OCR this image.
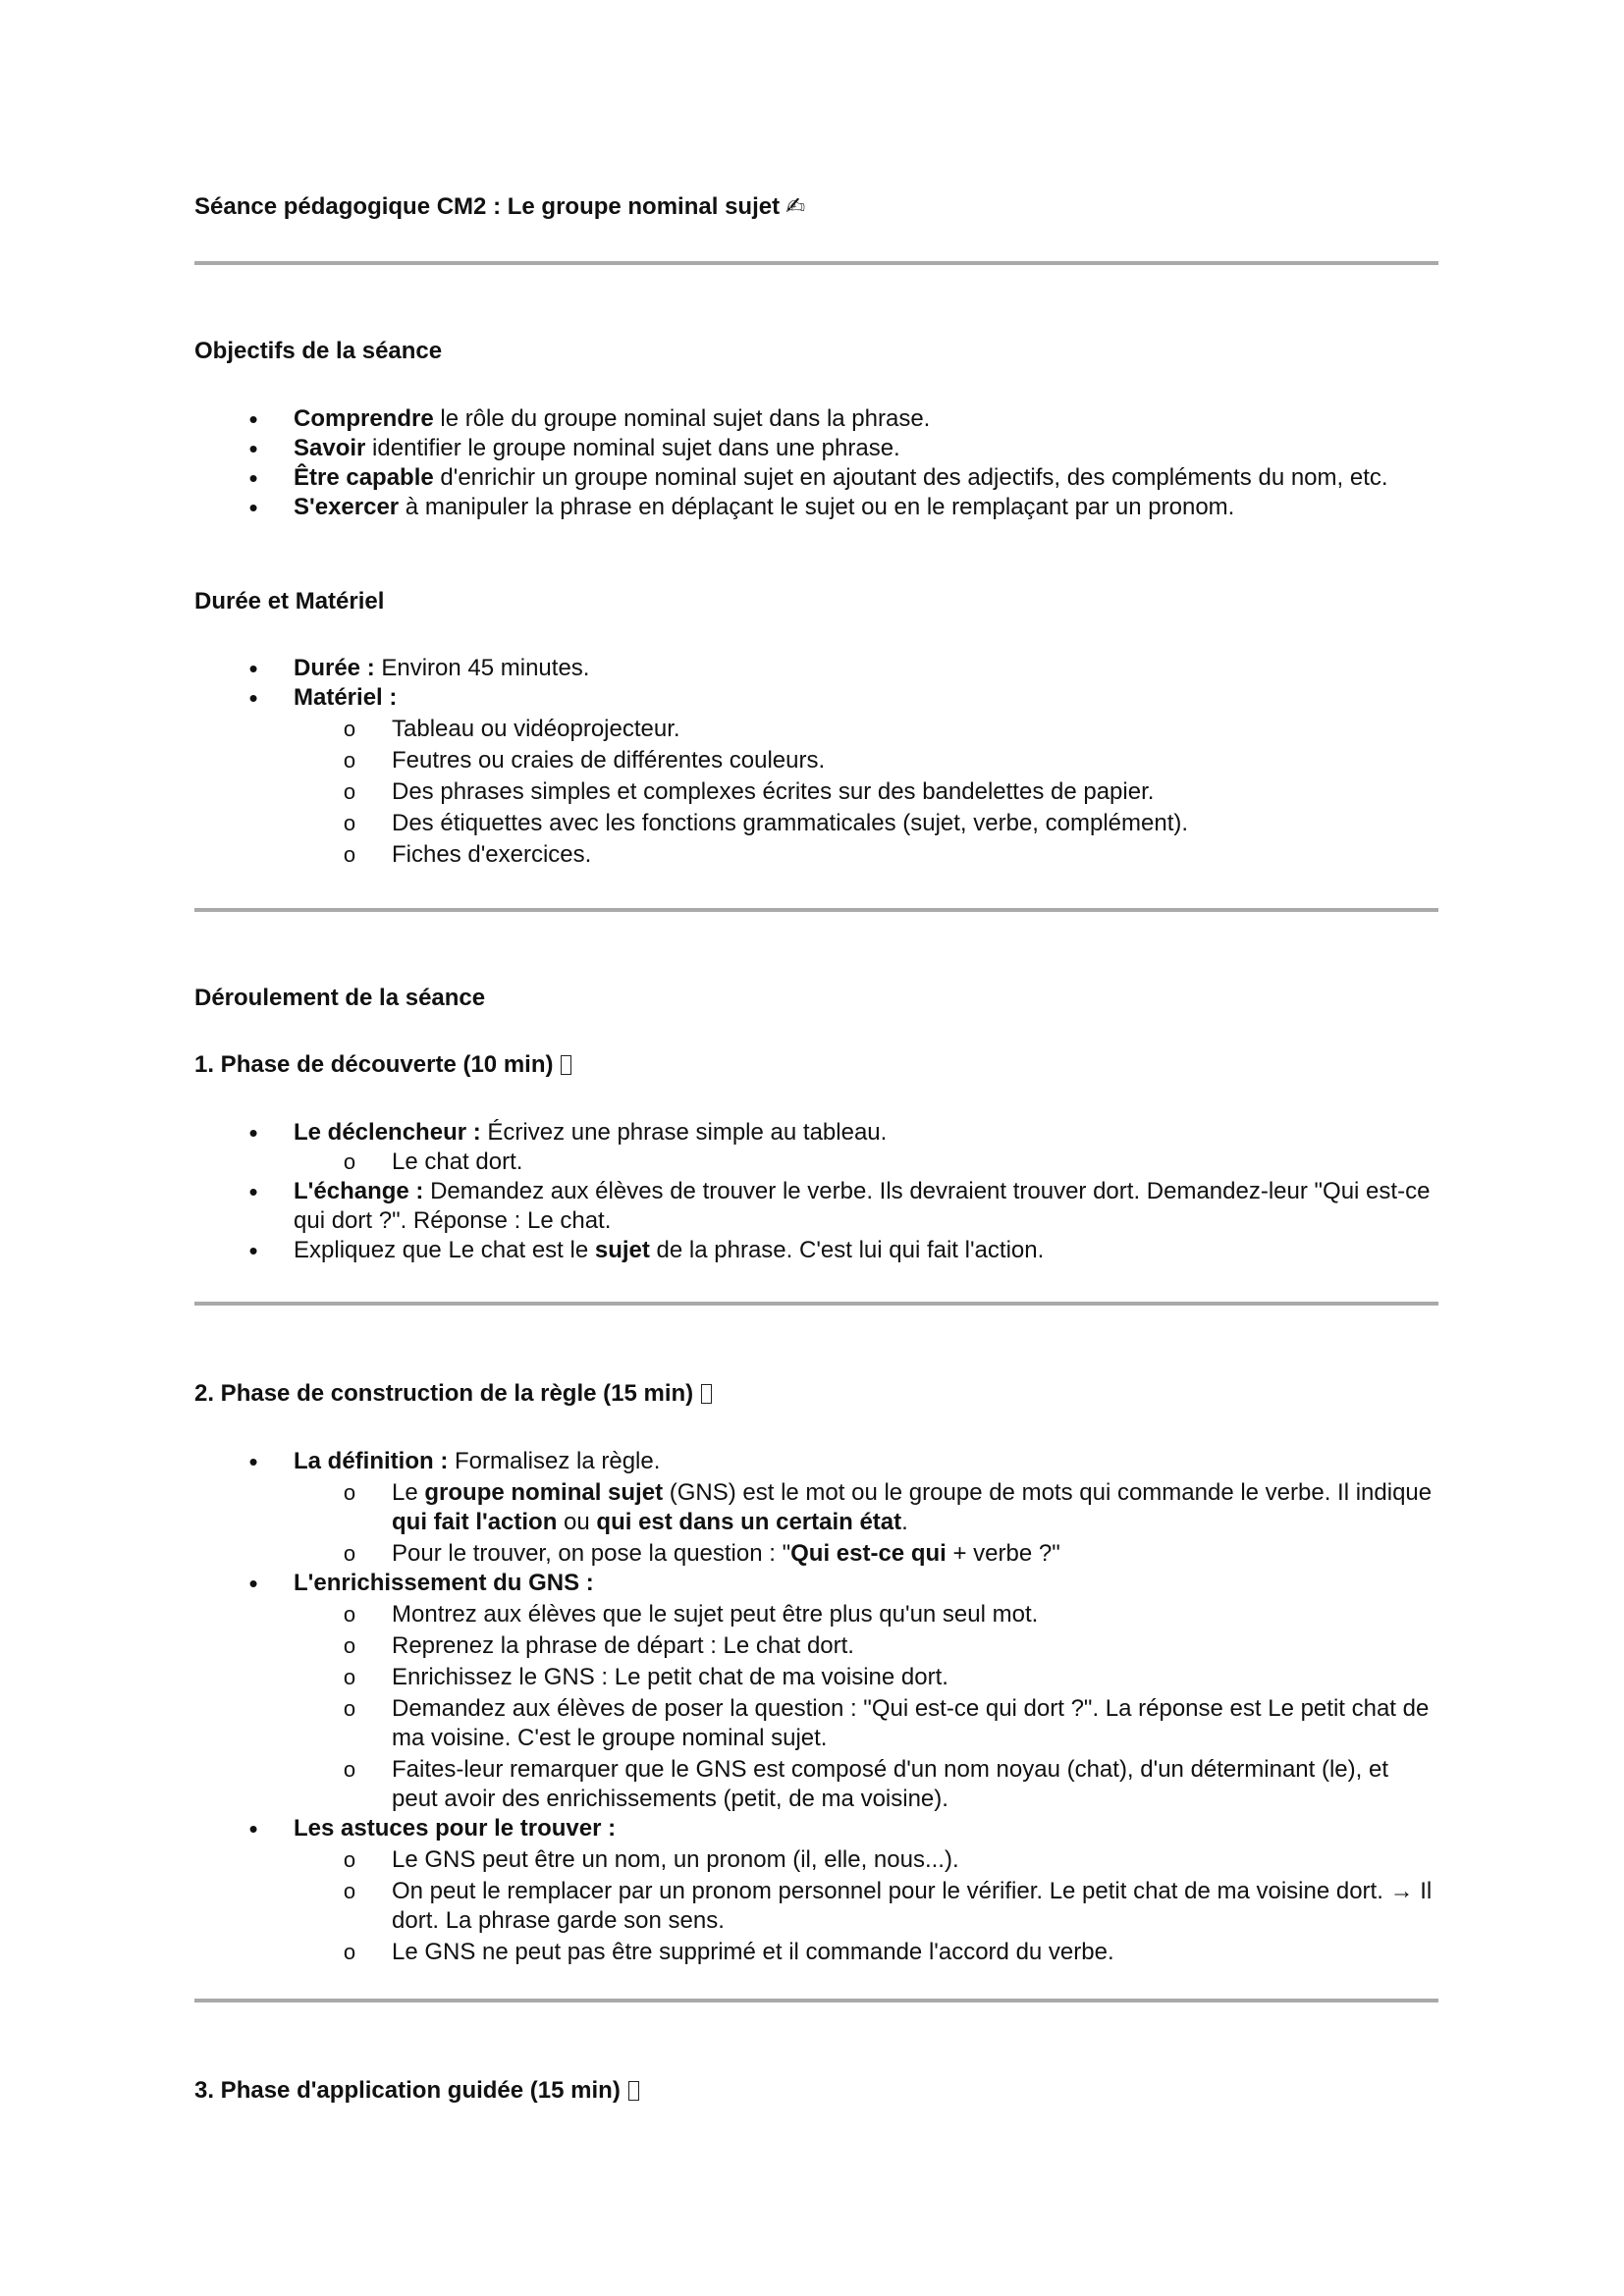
Séance pédagogique CM2 : Le groupe nominal sujet ✍
Objectifs de la séance
• Comprendre le rôle du groupe nominal sujet dans la phrase.
• Savoir identifier le groupe nominal sujet dans une phrase.
• Être capable d'enrichir un groupe nominal sujet en ajoutant des adjectifs, des compléments du nom, etc.
• S'exercer à manipuler la phrase en déplaçant le sujet ou en le remplaçant par un pronom.
Durée et Matériel
• Durée : Environ 45 minutes.
• Matériel :
o Tableau ou vidéoprojecteur.
o Feutres ou craies de différentes couleurs.
o Des phrases simples et complexes écrites sur des bandelettes de papier.
o Des étiquettes avec les fonctions grammaticales (sujet, verbe, complément).
o Fiches d'exercices.
Déroulement de la séance
1. Phase de découverte (10 min)
• Le déclencheur : Écrivez une phrase simple au tableau.
o Le chat dort.
• L'échange : Demandez aux élèves de trouver le verbe. Ils devraient trouver dort. Demandez-leur "Qui est-ce qui dort ?". Réponse : Le chat.
• Expliquez que Le chat est le sujet de la phrase. C'est lui qui fait l'action.
2. Phase de construction de la règle (15 min)
• La définition : Formalisez la règle.
o Le groupe nominal sujet (GNS) est le mot ou le groupe de mots qui commande le verbe. Il indique qui fait l'action ou qui est dans un certain état.
o Pour le trouver, on pose la question : "Qui est-ce qui + verbe ?"
• L'enrichissement du GNS :
o Montrez aux élèves que le sujet peut être plus qu'un seul mot.
o Reprenez la phrase de départ : Le chat dort.
o Enrichissez le GNS : Le petit chat de ma voisine dort.
o Demandez aux élèves de poser la question : "Qui est-ce qui dort ?". La réponse est Le petit chat de ma voisine. C'est le groupe nominal sujet.
o Faites-leur remarquer que le GNS est composé d'un nom noyau (chat), d'un déterminant (le), et peut avoir des enrichissements (petit, de ma voisine).
• Les astuces pour le trouver :
o Le GNS peut être un nom, un pronom (il, elle, nous...).
o On peut le remplacer par un pronom personnel pour le vérifier. Le petit chat de ma voisine dort. → Il dort. La phrase garde son sens.
o Le GNS ne peut pas être supprimé et il commande l'accord du verbe.
3. Phase d'application guidée (15 min)
